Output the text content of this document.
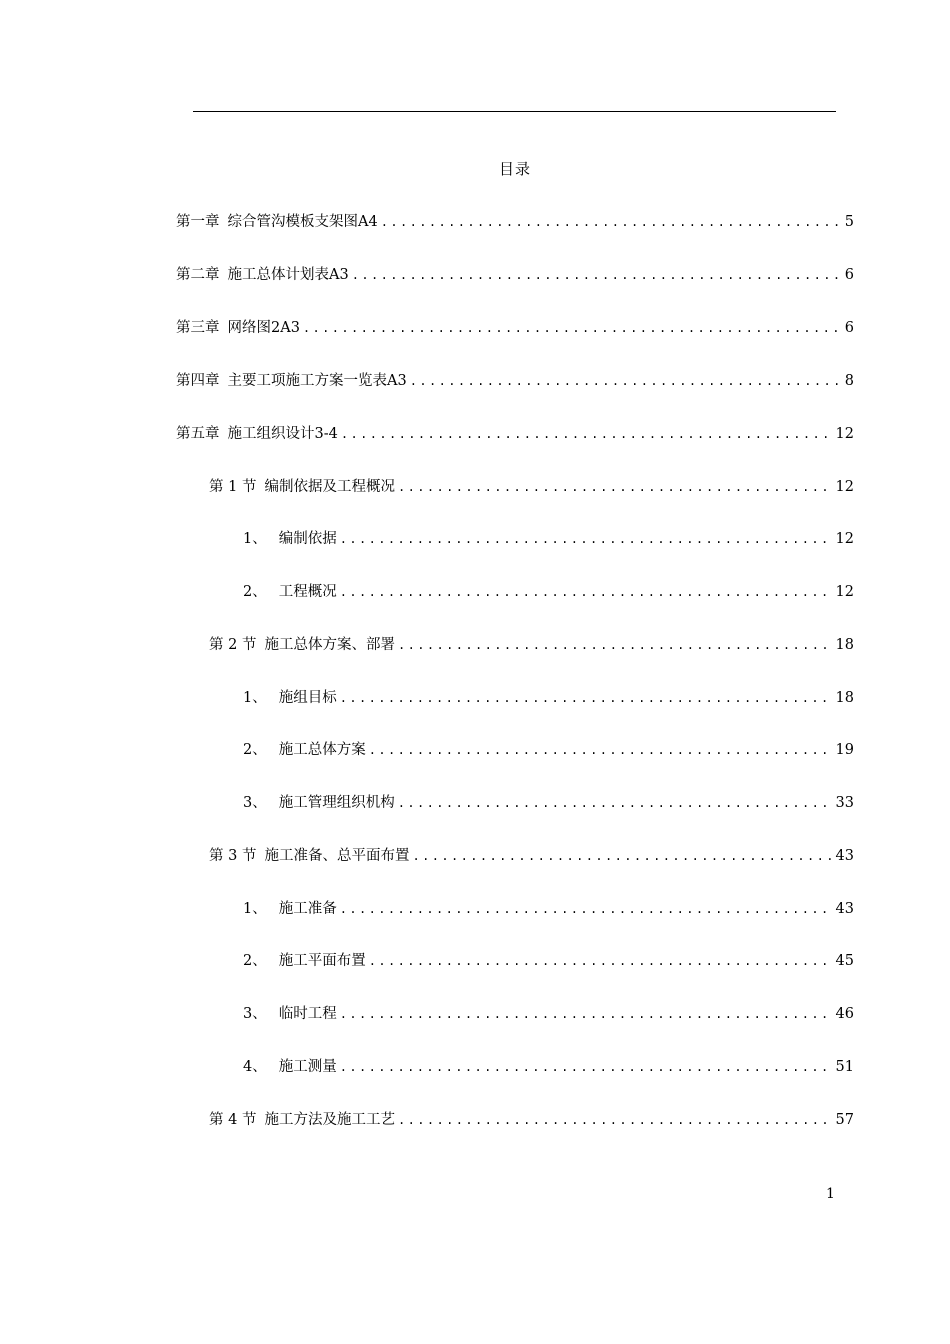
目录
第一章 综合管沟模板支架图A4 .....	5
第二章 施工总体计划表A3 .....	6
第三章 网络图2A3 .....	6
第四章 主要工项施工方案一览表A3 .....	8
第五章 施工组织设计3-4 .....	12
第 1 节 编制依据及工程概况 .....	12
1、 编制依据 .....	12
2、 工程概况 .....	12
第 2 节 施工总体方案、部署 .....	18
1、 施组目标 .....	18
2、 施工总体方案 .....	19
3、 施工管理组织机构 .....	33
第 3 节 施工准备、总平面布置 .....	43
1、 施工准备 .....	43
2、 施工平面布置 .....	45
3、 临时工程 .....	46
4、 施工测量 .....	51
第 4 节 施工方法及施工工艺 .....	57
1
